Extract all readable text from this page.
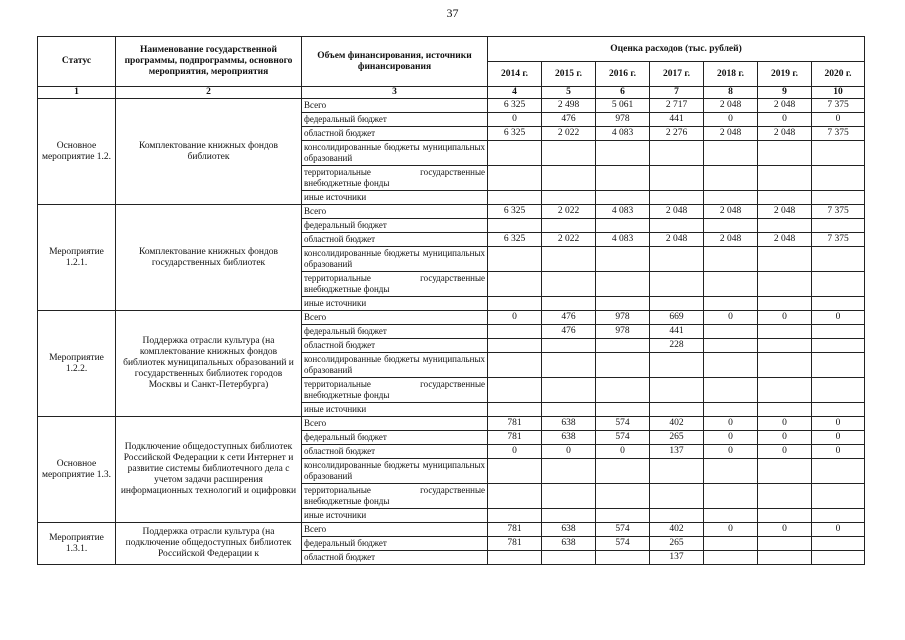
37
Статус	Наименование государственной программы, подпрограммы, основного мероприятия, мероприятия	Объем финансирования, источники финансирования	Оценка расходов (тыс. рублей)						
			2014 г.	2015 г.	2016 г.	2017 г.	2018 г.	2019 г.	2020 г.
1	2	3	4	5	6	7	8	9	10
Основное мероприятие 1.2.	Комплектование книжных фондов библиотек	Всего	6 325	2 498	5 061	2 717	2 048	2 048	7 375
		федеральный бюджет	0	476	978	441	0	0	0
		областной бюджет	6 325	2 022	4 083	2 276	2 048	2 048	7 375

		консолидированные бюджеты муниципальных образований							

		территориальные государственные внебюджетные фонды							

		иные источники							
Мероприятие 1.2.1.	Комплектование книжных фондов государственных библиотек	Всего	6 325	2 022	4 083	2 048	2 048	2 048	7 375
		федеральный бюджет							
		областной бюджет	6 325	2 022	4 083	2 048	2 048	2 048	7 375

		консолидированные бюджеты муниципальных образований							

		территориальные государственные внебюджетные фонды							

		иные источники							
Мероприятие 1.2.2.	Поддержка отрасли культура (на комплектование книжных фондов библиотек муниципальных образований и государственных библиотек городов Москвы и Санкт-Петербурга)	Всего	0	476	978	669	0	0	0
		федеральный бюджет		476	978	441			
		областной бюджет				228			

		консолидированные бюджеты муниципальных образований							

		территориальные государственные внебюджетные фонды							

		иные источники							
Основное мероприятие 1.3.	Подключение общедоступных библиотек Российской Федерации к сети Интернет и развитие системы библиотечного дела с учетом задачи расширения информационных технологий и оцифровки	Всего	781	638	574	402	0	0	0
		федеральный бюджет	781	638	574	265	0	0	0
		областной бюджет	0	0	0	137	0	0	0

		консолидированные бюджеты муниципальных образований							

		территориальные государственные внебюджетные фонды							

		иные источники							
Мероприятие 1.3.1.	Поддержка отрасли культура (на подключение общедоступных библиотек Российской Федерации к	Всего	781	638	574	402	0	0	0
		федеральный бюджет	781	638	574	265			
		областной бюджет				137			
